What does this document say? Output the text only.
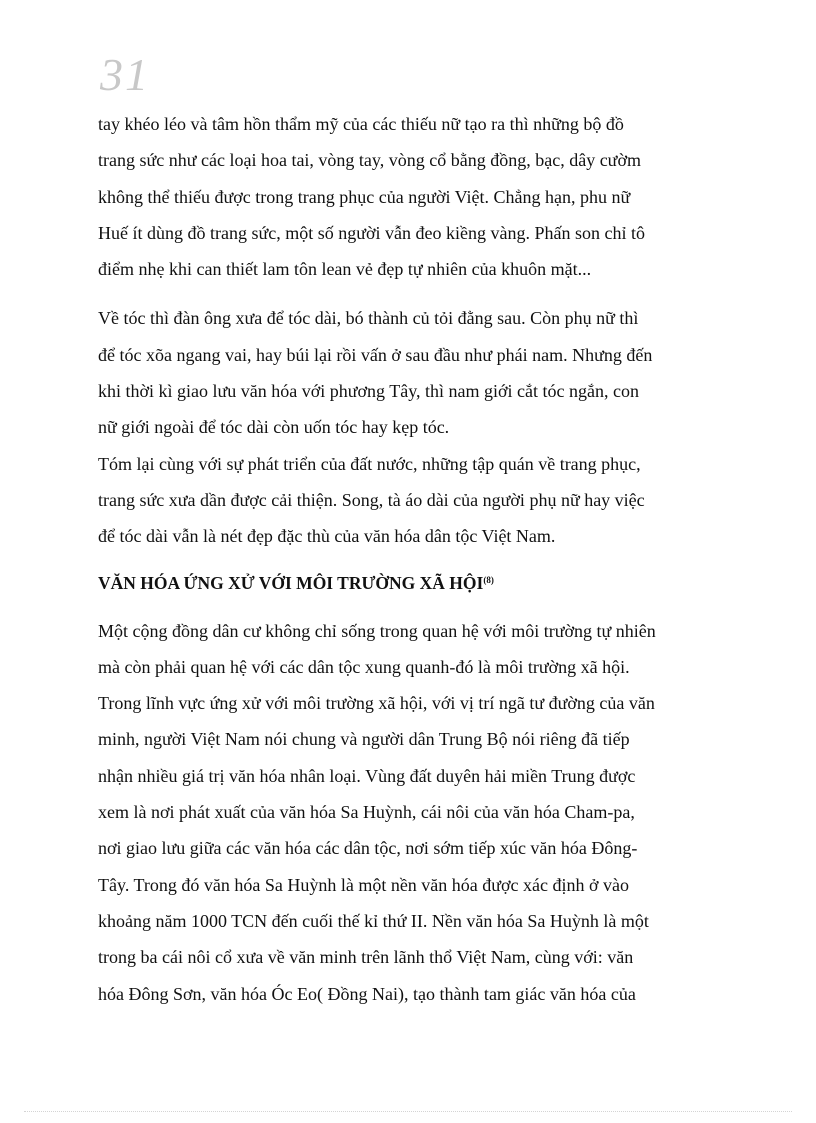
31
tay khéo léo và tâm hồn thẩm mỹ của các thiếu nữ tạo ra thì những bộ đồ
trang sức như các loại hoa tai, vòng tay, vòng cổ bằng đồng, bạc, dây cườm
không thể thiếu được trong trang phục của người Việt. Chẳng hạn, phu nữ
Huế ít dùng đồ trang sức, một số người vẫn đeo kiềng vàng. Phấn son chỉ tô
điểm nhẹ khi can thiết lam tôn lean vẻ đẹp tự nhiên của khuôn mặt...
Về tóc thì đàn ông xưa để tóc dài, bó thành củ tỏi đằng sau. Còn phụ nữ thì
để tóc xõa ngang vai, hay búi lại rồi vấn ở sau đầu như phái nam. Nhưng đến
khi thời kì giao lưu văn hóa với phương Tây, thì nam giới cắt tóc ngắn, con
nữ giới ngoài để tóc dài còn uốn tóc hay kẹp tóc.
Tóm lại cùng với sự phát triển của đất nước, những tập quán về trang phục,
trang sức xưa dần được cải thiện. Song, tà áo dài của người phụ nữ hay việc
để tóc dài vẫn là nét đẹp đặc thù của văn hóa dân tộc Việt Nam.
VĂN HÓA ỨNG XỬ VỚI MÔI TRƯỜNG XÃ HỘI$^{(8)}$
Một cộng đồng dân cư không chỉ sống trong quan hệ với môi trường tự nhiên
mà còn phải quan hệ với các dân tộc xung quanh-đó là môi trường xã hội.
Trong lĩnh vực ứng xử với môi trường xã hội, với vị trí ngã tư đường của văn
minh, người Việt Nam nói chung và người dân Trung Bộ nói riêng đã tiếp
nhận nhiều giá trị văn hóa nhân loại. Vùng đất duyên hải miền Trung được
xem là nơi phát xuất của văn hóa Sa Huỳnh, cái nôi của văn hóa Cham-pa,
nơi giao lưu giữa các văn hóa các dân tộc, nơi sớm tiếp xúc văn hóa Đông-
Tây. Trong đó văn hóa Sa Huỳnh là một nền văn hóa được xác định ở vào
khoảng năm 1000 TCN đến cuối thế kỉ thứ II. Nền văn hóa Sa Huỳnh là một
trong ba cái nôi cổ xưa về văn minh trên lãnh thổ Việt Nam, cùng với: văn
hóa Đông Sơn, văn hóa Óc Eo( Đồng Nai), tạo thành tam giác văn hóa của
